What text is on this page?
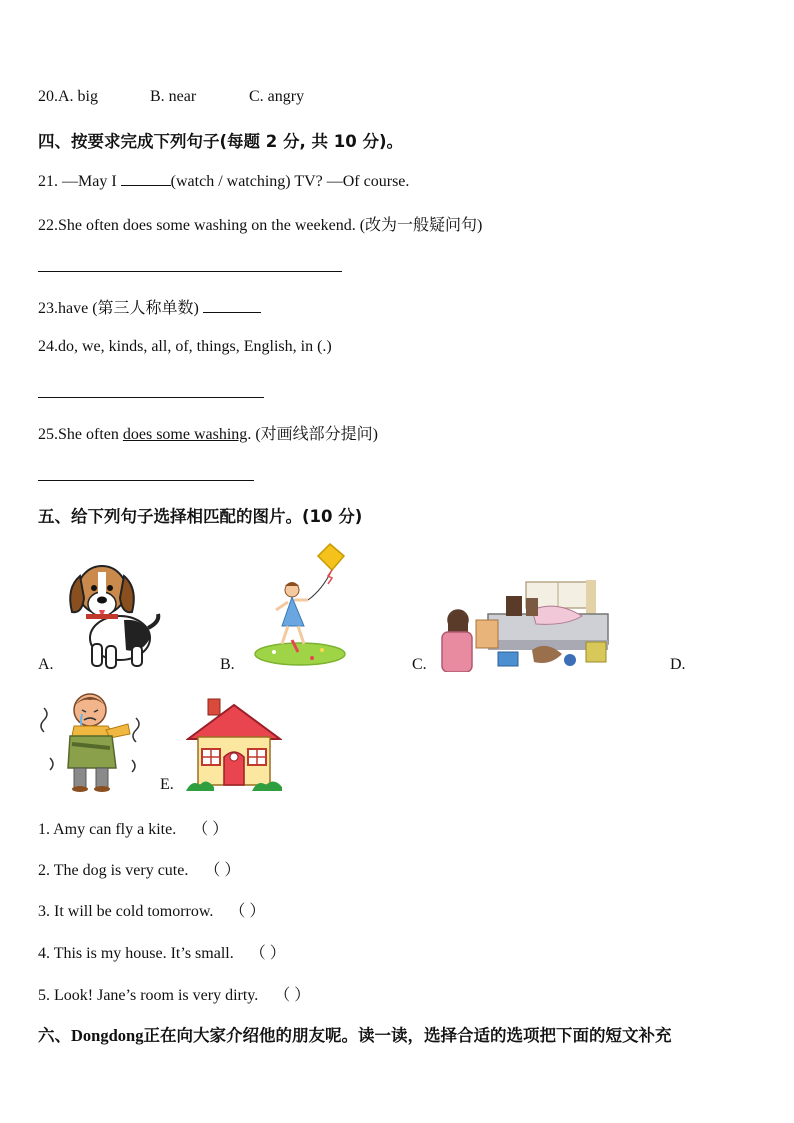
20.A. big	B. near	C. angry
四、按要求完成下列句子(每题 2 分, 共 10 分)。
21. —May I	(watch / watching) TV? —Of course.
22.She often does some washing on the weekend. (改为一般疑问句)
23.have (第三人称单数)
24.do, we, kinds, all, of, things, English, in (.)
25.She often does some washing. (对画线部分提问)
五、给下列句子选择相匹配的图片。(10 分)
A.	B.	C.	D.
E.
1. Amy can fly a kite. （ ）
2. The dog is very cute. （ ）
3. It will be cold tomorrow. （ ）
4. This is my house. It’s small. （ ）
5. Look! Jane’s room is very dirty. （ ）
六、Dongdong正在向大家介绍他的朋友呢。读一读，选择合适的选项把下面的短文补充
